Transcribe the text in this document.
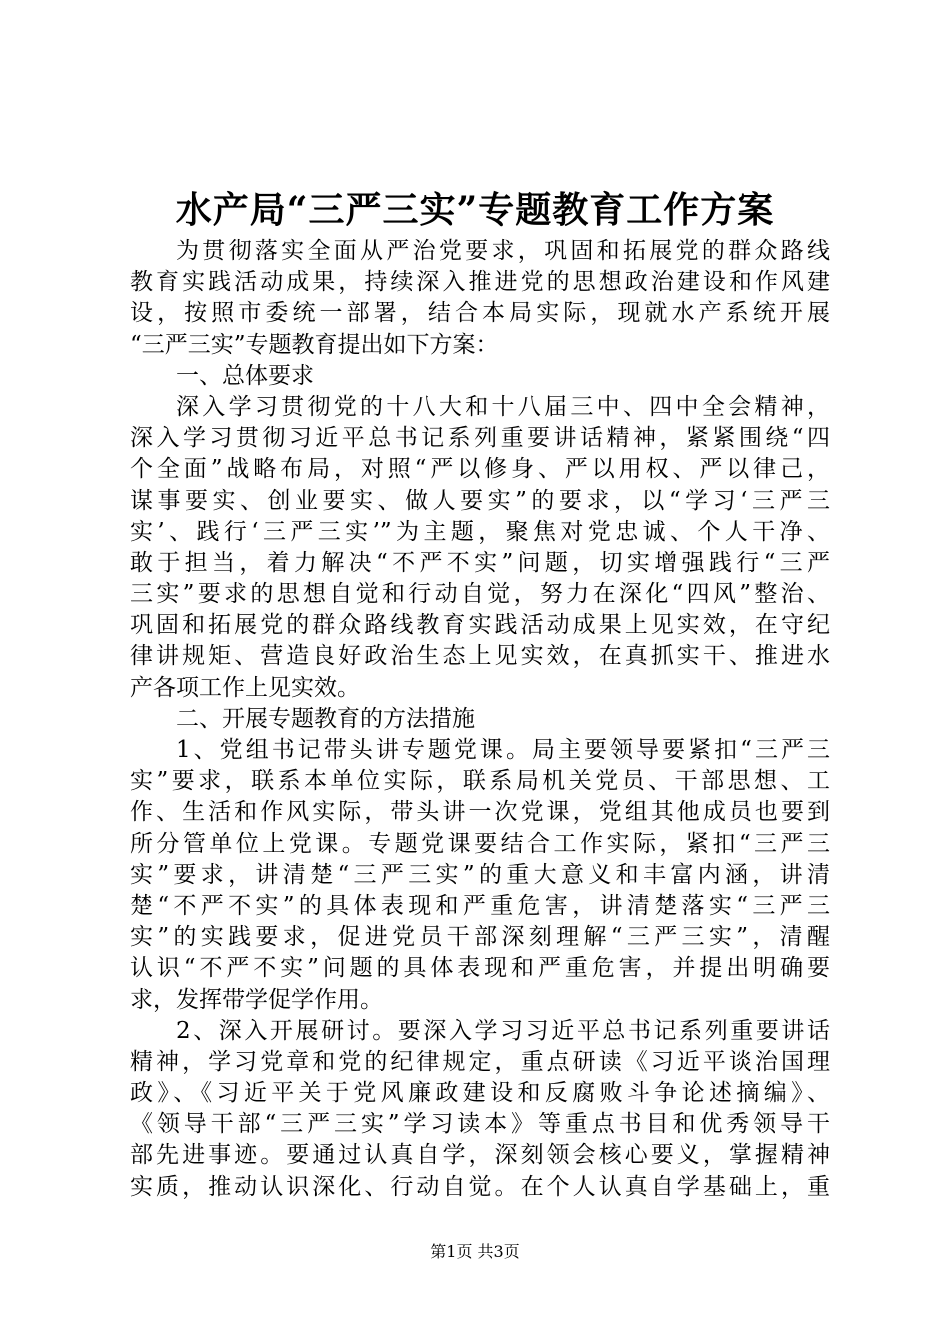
水产局“三严三实”专题教育工作方案
为贯彻落实全面从严治党要求，巩固和拓展党的群众路线
教育实践活动成果，持续深入推进党的思想政治建设和作风建
设，按照市委统一部署，结合本局实际，现就水产系统开展
“三严三实”专题教育提出如下方案：
一、总体要求
深入学习贯彻党的十八大和十八届三中、四中全会精神，
深入学习贯彻习近平总书记系列重要讲话精神，紧紧围绕“四
个全面”战略布局，对照“严以修身、严以用权、严以律己，
谋事要实、创业要实、做人要实”的要求，以“学习‘三严三
实’、践行‘三严三实’”为主题，聚焦对党忠诚、个人干净、
敢于担当，着力解决“不严不实”问题，切实增强践行“三严
三实”要求的思想自觉和行动自觉，努力在深化“四风”整治、
巩固和拓展党的群众路线教育实践活动成果上见实效，在守纪
律讲规矩、营造良好政治生态上见实效，在真抓实干、推进水
产各项工作上见实效。
二、开展专题教育的方法措施
1、党组书记带头讲专题党课。局主要领导要紧扣“三严三
实”要求，联系本单位实际，联系局机关党员、干部思想、工
作、生活和作风实际，带头讲一次党课，党组其他成员也要到
所分管单位上党课。专题党课要结合工作实际，紧扣“三严三
实”要求，讲清楚“三严三实”的重大意义和丰富内涵，讲清
楚“不严不实”的具体表现和严重危害，讲清楚落实“三严三
实”的实践要求，促进党员干部深刻理解“三严三实”，清醒
认识“不严不实”问题的具体表现和严重危害，并提出明确要
求，发挥带学促学作用。
2、深入开展研讨。要深入学习习近平总书记系列重要讲话
精神，学习党章和党的纪律规定，重点研读《习近平谈治国理
政》、《习近平关于党风廉政建设和反腐败斗争论述摘编》、
《领导干部“三严三实”学习读本》等重点书目和优秀领导干
部先进事迹。要通过认真自学，深刻领会核心要义，掌握精神
实质，推动认识深化、行动自觉。在个人认真自学基础上，重
第1页 共3页
